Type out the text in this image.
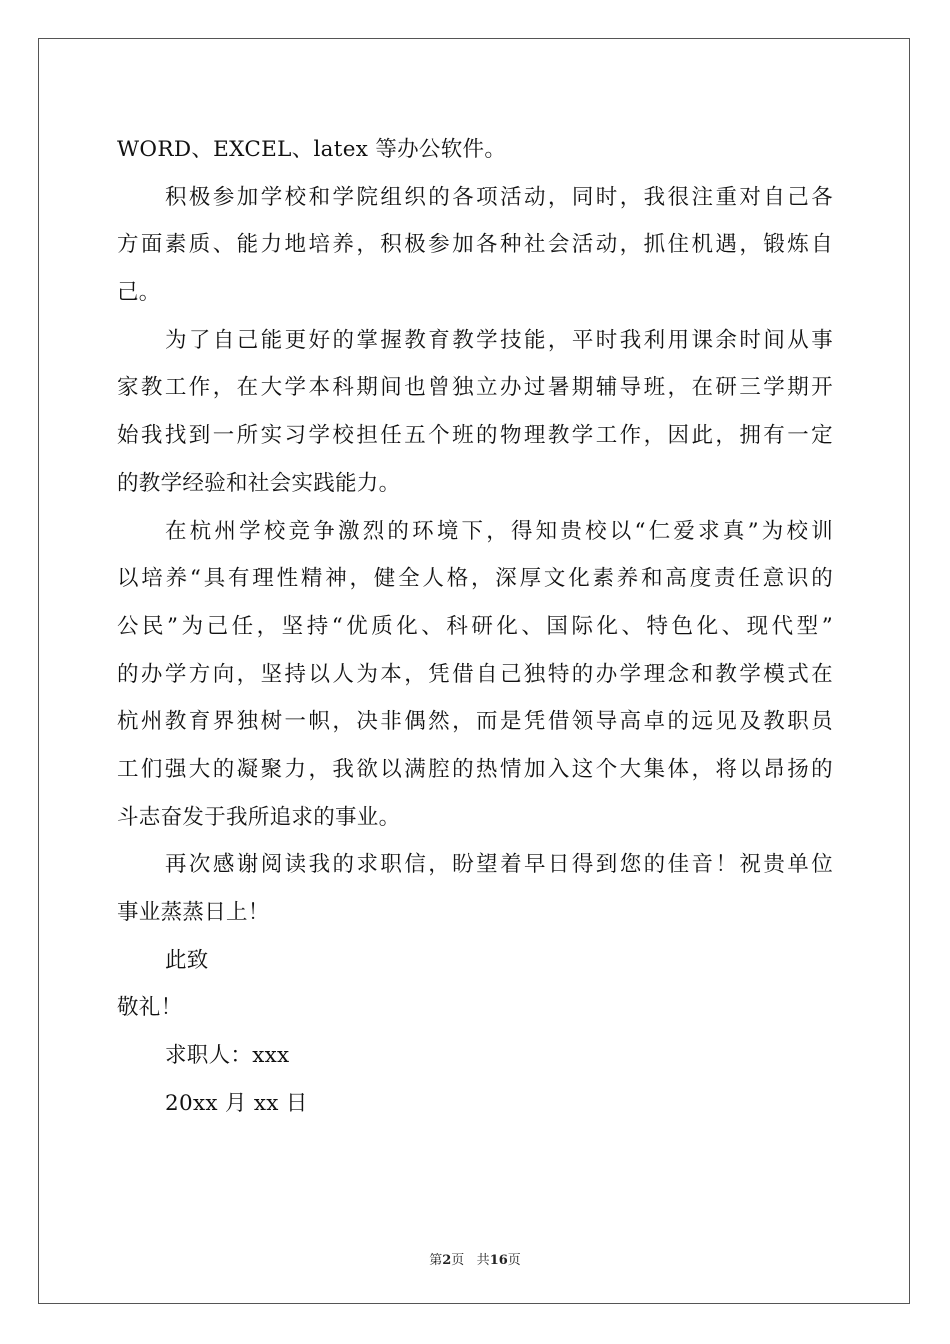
WORD、EXCEL、latex 等办公软件。
积极参加学校和学院组织的各项活动，同时，我很注重对自己各
方面素质、能力地培养，积极参加各种社会活动，抓住机遇，锻炼自
己。
为了自己能更好的掌握教育教学技能，平时我利用课余时间从事
家教工作，在大学本科期间也曾独立办过暑期辅导班，在研三学期开
始我找到一所实习学校担任五个班的物理教学工作，因此，拥有一定
的教学经验和社会实践能力。
在杭州学校竞争激烈的环境下，得知贵校以“仁爱求真”为校训
以培养“具有理性精神，健全人格，深厚文化素养和高度责任意识的
公民”为己任，坚持“优质化、科研化、国际化、特色化、现代型”
的办学方向，坚持以人为本，凭借自己独特的办学理念和教学模式在
杭州教育界独树一帜，决非偶然，而是凭借领导高卓的远见及教职员
工们强大的凝聚力，我欲以满腔的热情加入这个大集体，将以昂扬的
斗志奋发于我所追求的事业。
再次感谢阅读我的求职信，盼望着早日得到您的佳音！祝贵单位
事业蒸蒸日上！
此致
敬礼！
求职人：xxx
20xx 月 xx 日
第2页 共16页
